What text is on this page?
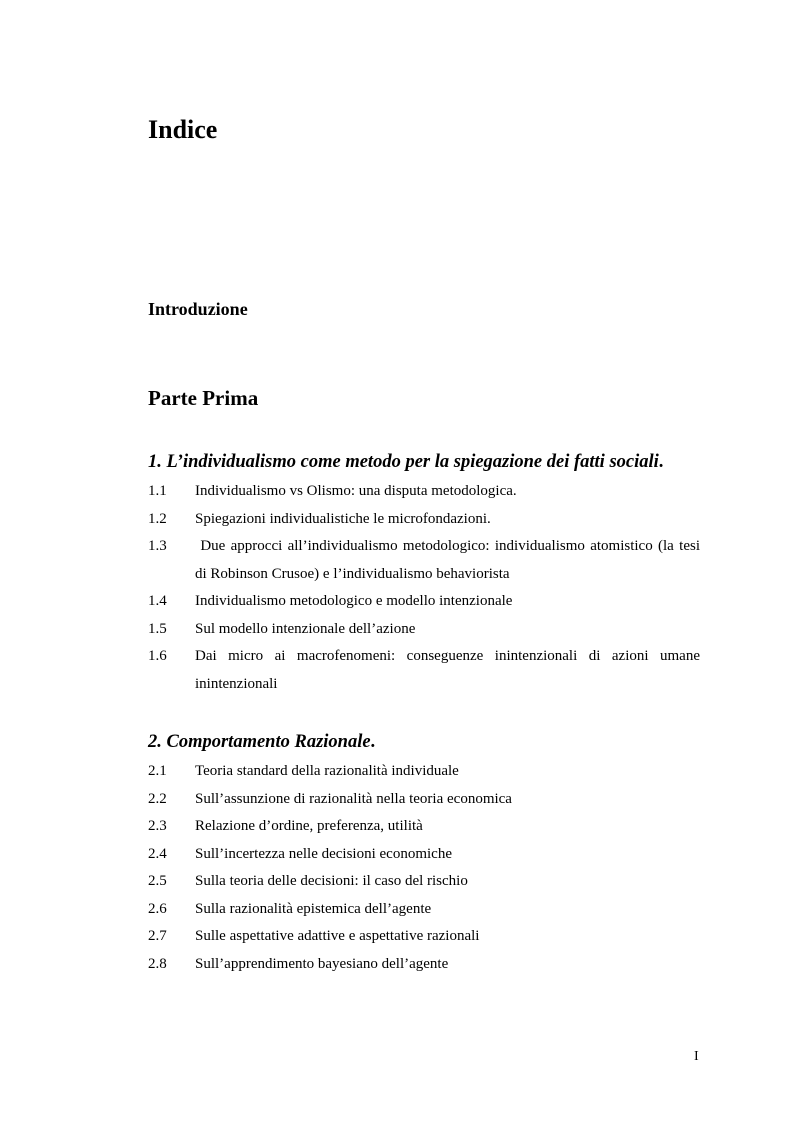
Indice
Introduzione
Parte Prima
1. L’individualismo come metodo per la spiegazione dei fatti sociali.
1.1 Individualismo vs Olismo: una disputa metodologica.
1.2 Spiegazioni individualistiche le microfondazioni.
1.3 Due approcci all’individualismo metodologico: individualismo atomistico (la tesi di Robinson Crusoe) e l’individualismo behaviorista
1.4 Individualismo metodologico e modello intenzionale
1.5 Sul modello intenzionale dell’azione
1.6 Dai micro ai macrofenomeni: conseguenze inintenzionali di azioni umane inintenzionali
2. Comportamento Razionale.
2.1 Teoria standard della razionalità individuale
2.2 Sull’assunzione di razionalità nella teoria economica
2.3 Relazione d’ordine, preferenza, utilità
2.4 Sull’incertezza nelle decisioni economiche
2.5 Sulla teoria delle decisioni: il caso del rischio
2.6 Sulla razionalità epistemica dell’agente
2.7 Sulle aspettative adattive e aspettative razionali
2.8 Sull’apprendimento bayesiano dell’agente
I
